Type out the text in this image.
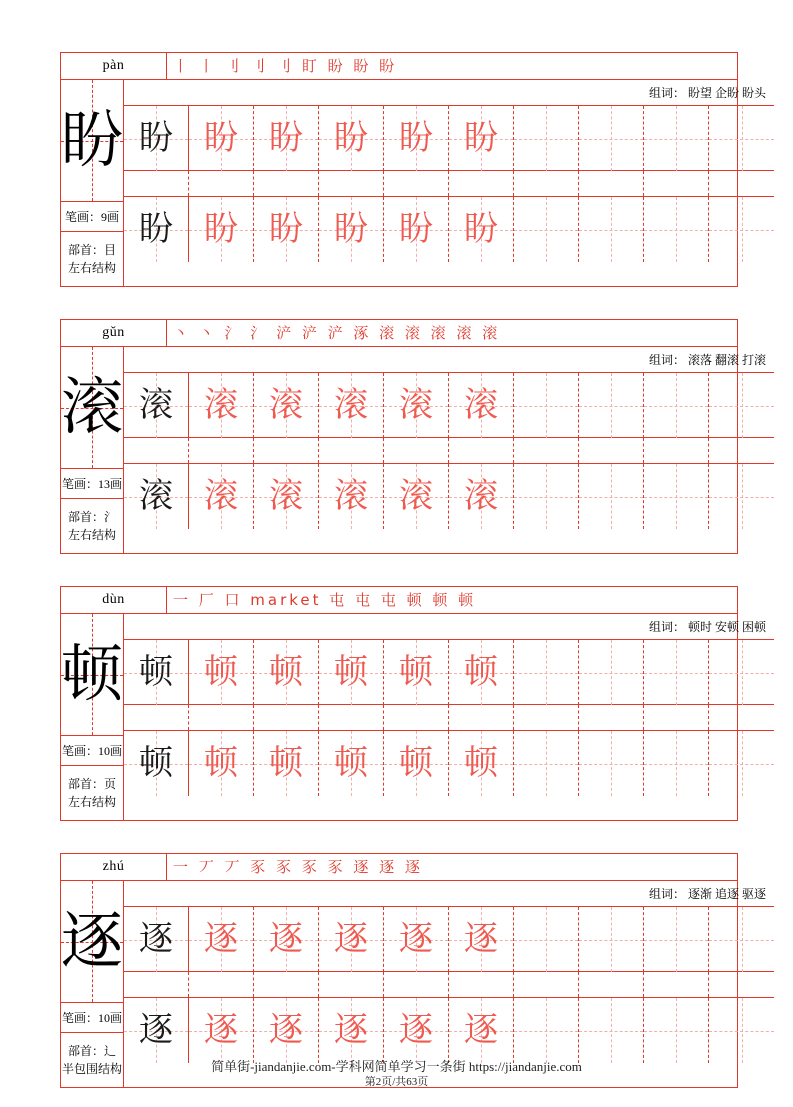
pàn	丨 丨 刂 刂 刂 盯 盼 盼 盼
盼
笔画：9画
部首：目
左右结构
组词： 盼望 企盼 盼头
盼 盼 盼 盼 盼 盼
盼 盼 盼 盼 盼 盼
gǔn	丶 丶 氵 氵 浐 浐 浐 涿 滚 滚 滚 滚 滚
滚
笔画：13画
部首：氵
左右结构
组词： 滚落 翻滚 打滚
滚 滚 滚 滚 滚 滚
滚 滚 滚 滚 滚 滚
dùn	一 厂 口 market 屯 屯 屯 顿 顿 顿
顿
笔画：10画
部首：页
左右结构
组词： 顿时 安顿 困顿
顿 顿 顿 顿 顿 顿
顿 顿 顿 顿 顿 顿
zhú	一 丆 丆 豕 豕 豕 豕 逐 逐 逐
逐
笔画：10画
部首：辶
半包围结构
组词： 逐渐 追逐 驱逐
逐 逐 逐 逐 逐 逐
逐 逐 逐 逐 逐 逐
简单街-jiandanjie.com-学科网简单学习一条街 https://jiandanjie.com
第2页/共63页
